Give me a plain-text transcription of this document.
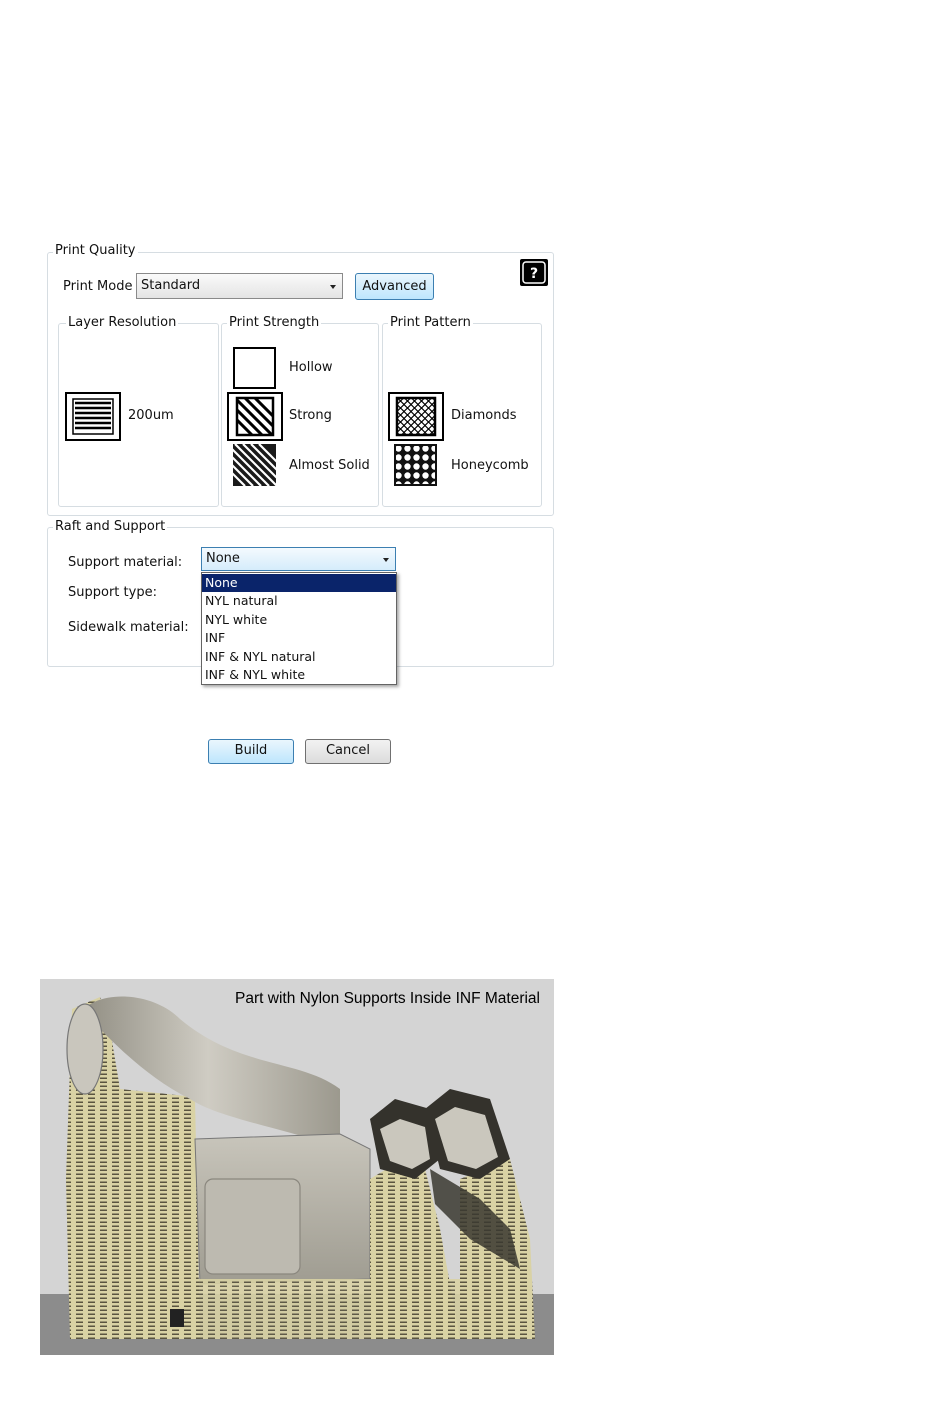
Print Quality
Print Mode Standard	Advanced
?
Layer Resolution
200um
Print Strength
Hollow
Strong
Almost Solid
Print Pattern
Diamonds
Honeycomb
Raft and Support
Support material:
Support type:
Sidewalk material:
None
None
NYL natural
NYL white
INF
INF & NYL natural
INF & NYL white
Build	Cancel
Part with Nylon Supports Inside INF Material
